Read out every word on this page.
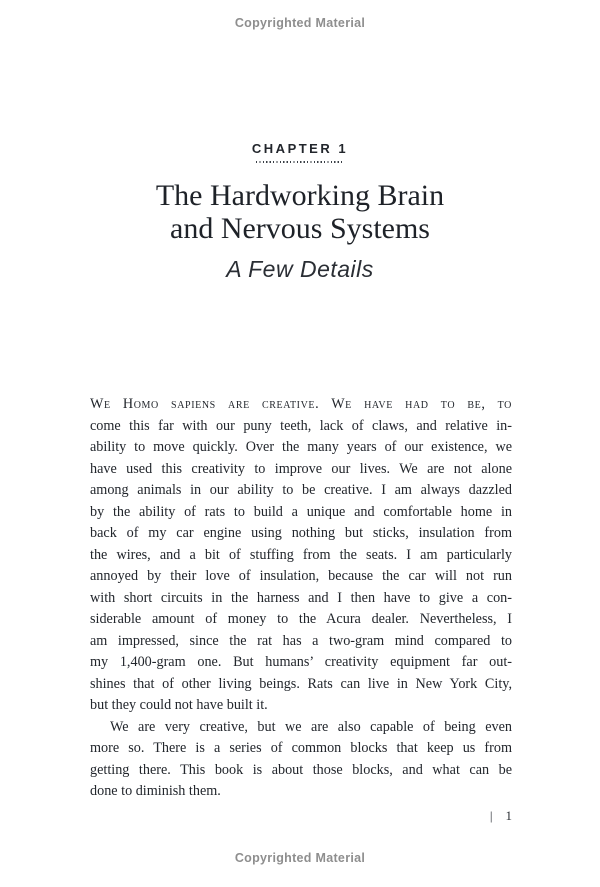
Copyrighted Material
CHAPTER 1
The Hardworking Brain
and Nervous Systems
A Few Details
We Homo sapiens are creative. We have had to be, to
come this far with our puny teeth, lack of claws, and relative in-
ability to move quickly. Over the many years of our existence, we
have used this creativity to improve our lives. We are not alone
among animals in our ability to be creative. I am always dazzled
by the ability of rats to build a unique and comfortable home in
back of my car engine using nothing but sticks, insulation from
the wires, and a bit of stuffing from the seats. I am particularly
annoyed by their love of insulation, because the car will not run
with short circuits in the harness and I then have to give a con-
siderable amount of money to the Acura dealer. Nevertheless, I
am impressed, since the rat has a two-gram mind compared to
my 1,400-gram one. But humans’ creativity equipment far out-
shines that of other living beings. Rats can live in New York City,
but they could not have built it.
We are very creative, but we are also capable of being even
more so. There is a series of common blocks that keep us from
getting there. This book is about those blocks, and what can be
done to diminish them.
| 1
Copyrighted Material
